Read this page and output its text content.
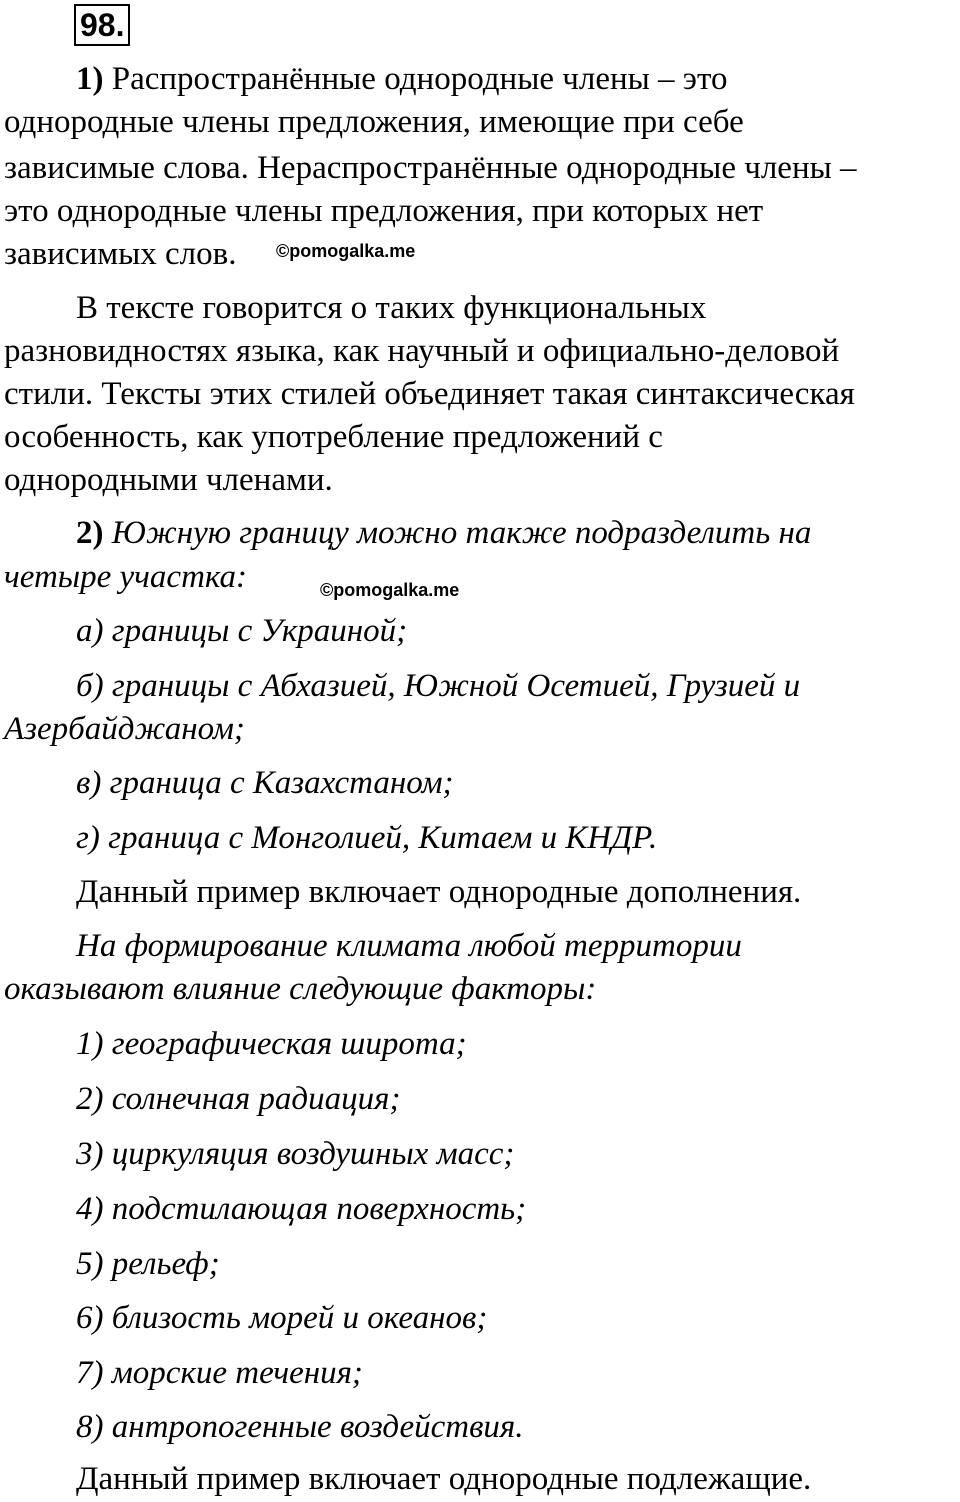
98.

1) Распространённые однородные члены – это

однородные члены предложения, имеющие при себе

зависимые слова. Нераспространённые однородные члены –

это однородные члены предложения, при которых нет

зависимых слов.	©pomogalka.me

В тексте говорится о таких функциональных

разновидностях языка, как научный и официально-деловой

стили. Тексты этих стилей объединяет такая синтаксическая

особенность, как употребление предложений с

однородными членами.

2) Южную границу можно также подразделить на

четыре участка:	©pomogalka.me

а) границы с Украиной;

б) границы с Абхазией, Южной Осетией, Грузией и

Азербайджаном;

в) граница с Казахстаном;

г) граница с Монголией, Китаем и КНДР.

Данный пример включает однородные дополнения.

На формирование климата любой территории

оказывают влияние следующие факторы:

1) географическая широта;

2) солнечная радиация;

3) циркуляция воздушных масс;

4) подстилающая поверхность;

5) рельеф;

6) близость морей и океанов;

7) морские течения;

8) антропогенные воздействия.

Данный пример включает однородные подлежащие.
